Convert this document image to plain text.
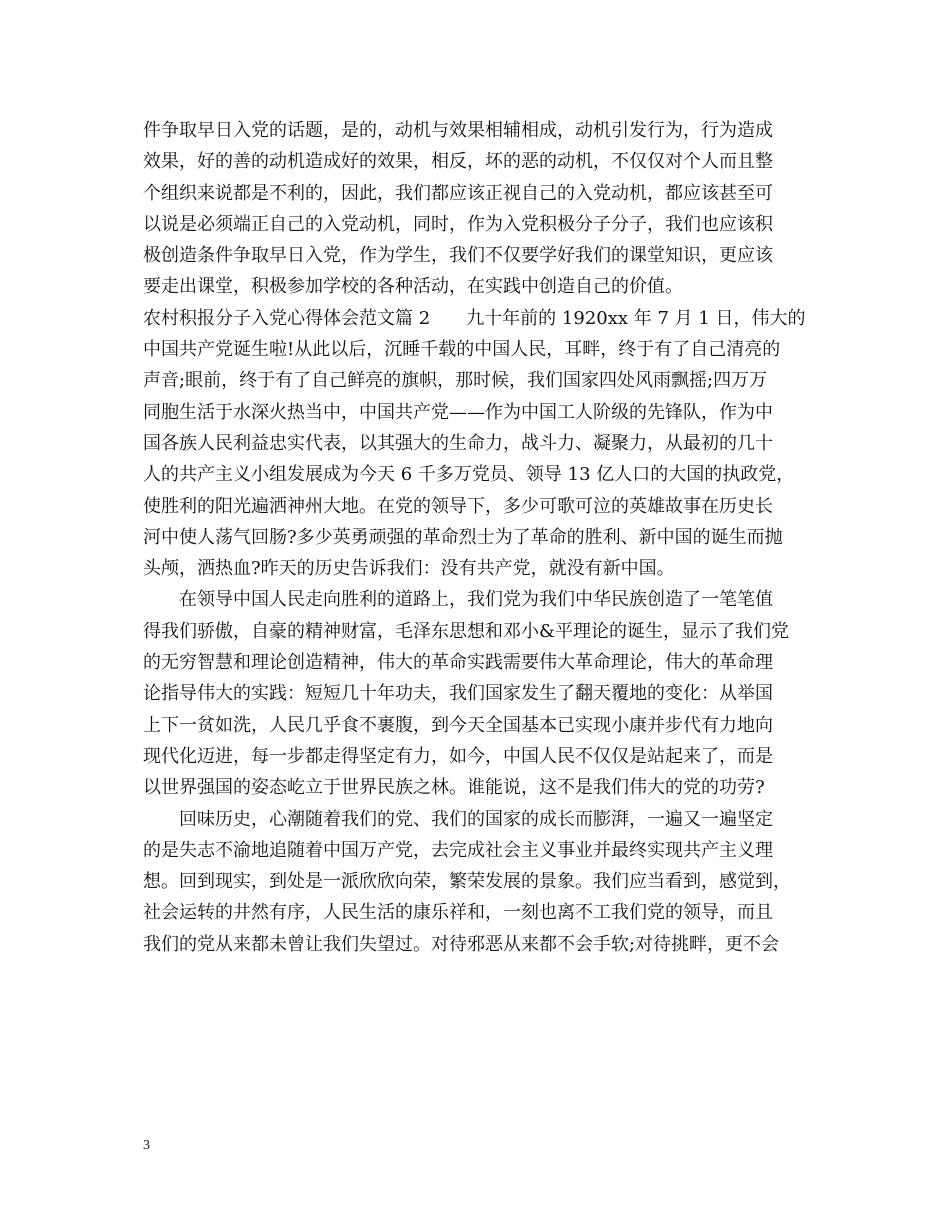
件争取早日入党的话题，是的，动机与效果相辅相成，动机引发行为，行为造成
效果，好的善的动机造成好的效果，相反，坏的恶的动机，不仅仅对个人而且整
个组织来说都是不利的，因此，我们都应该正视自己的入党动机，都应该甚至可
以说是必须端正自己的入党动机，同时，作为入党积极分子分子，我们也应该积
极创造条件争取早日入党，作为学生，我们不仅要学好我们的课堂知识，更应该
要走出课堂，积极参加学校的各种活动，在实践中创造自己的价值。
农村积报分子入党心得体会范文篇 2 九十年前的 1920xx 年 7 月 1 日，伟大的
中国共产党诞生啦!从此以后，沉睡千载的中国人民，耳畔，终于有了自己清亮的
声音;眼前，终于有了自己鲜亮的旗帜，那时候，我们国家四处风雨飘摇;四万万
同胞生活于水深火热当中，中国共产党——作为中国工人阶级的先锋队，作为中
国各族人民利益忠实代表，以其强大的生命力，战斗力、凝聚力，从最初的几十
人的共产主义小组发展成为今天 6 千多万党员、领导 13 亿人口的大国的执政党，
使胜利的阳光遍洒神州大地。在党的领导下，多少可歌可泣的英雄故事在历史长
河中使人荡气回肠?多少英勇顽强的革命烈士为了革命的胜利、新中国的诞生而抛
头颅，洒热血?昨天的历史告诉我们：没有共产党，就没有新中国。
在领导中国人民走向胜利的道路上，我们党为我们中华民族创造了一笔笔值
得我们骄傲，自豪的精神财富，毛泽东思想和邓小&平理论的诞生，显示了我们党
的无穷智慧和理论创造精神，伟大的革命实践需要伟大革命理论，伟大的革命理
论指导伟大的实践：短短几十年功夫，我们国家发生了翻天覆地的变化：从举国
上下一贫如洗，人民几乎食不裹腹，到今天全国基本已实现小康并步代有力地向
现代化迈进，每一步都走得坚定有力，如今，中国人民不仅仅是站起来了，而是
以世界强国的姿态屹立于世界民族之林。谁能说，这不是我们伟大的党的功劳?
回味历史，心潮随着我们的党、我们的国家的成长而膨湃，一遍又一遍坚定
的是失志不渝地追随着中国万产党，去完成社会主义事业并最终实现共产主义理
想。回到现实，到处是一派欣欣向荣，繁荣发展的景象。我们应当看到，感觉到，
社会运转的井然有序，人民生活的康乐祥和，一刻也离不工我们党的领导，而且
我们的党从来都未曾让我们失望过。对待邪恶从来都不会手软;对待挑畔，更不会
3
